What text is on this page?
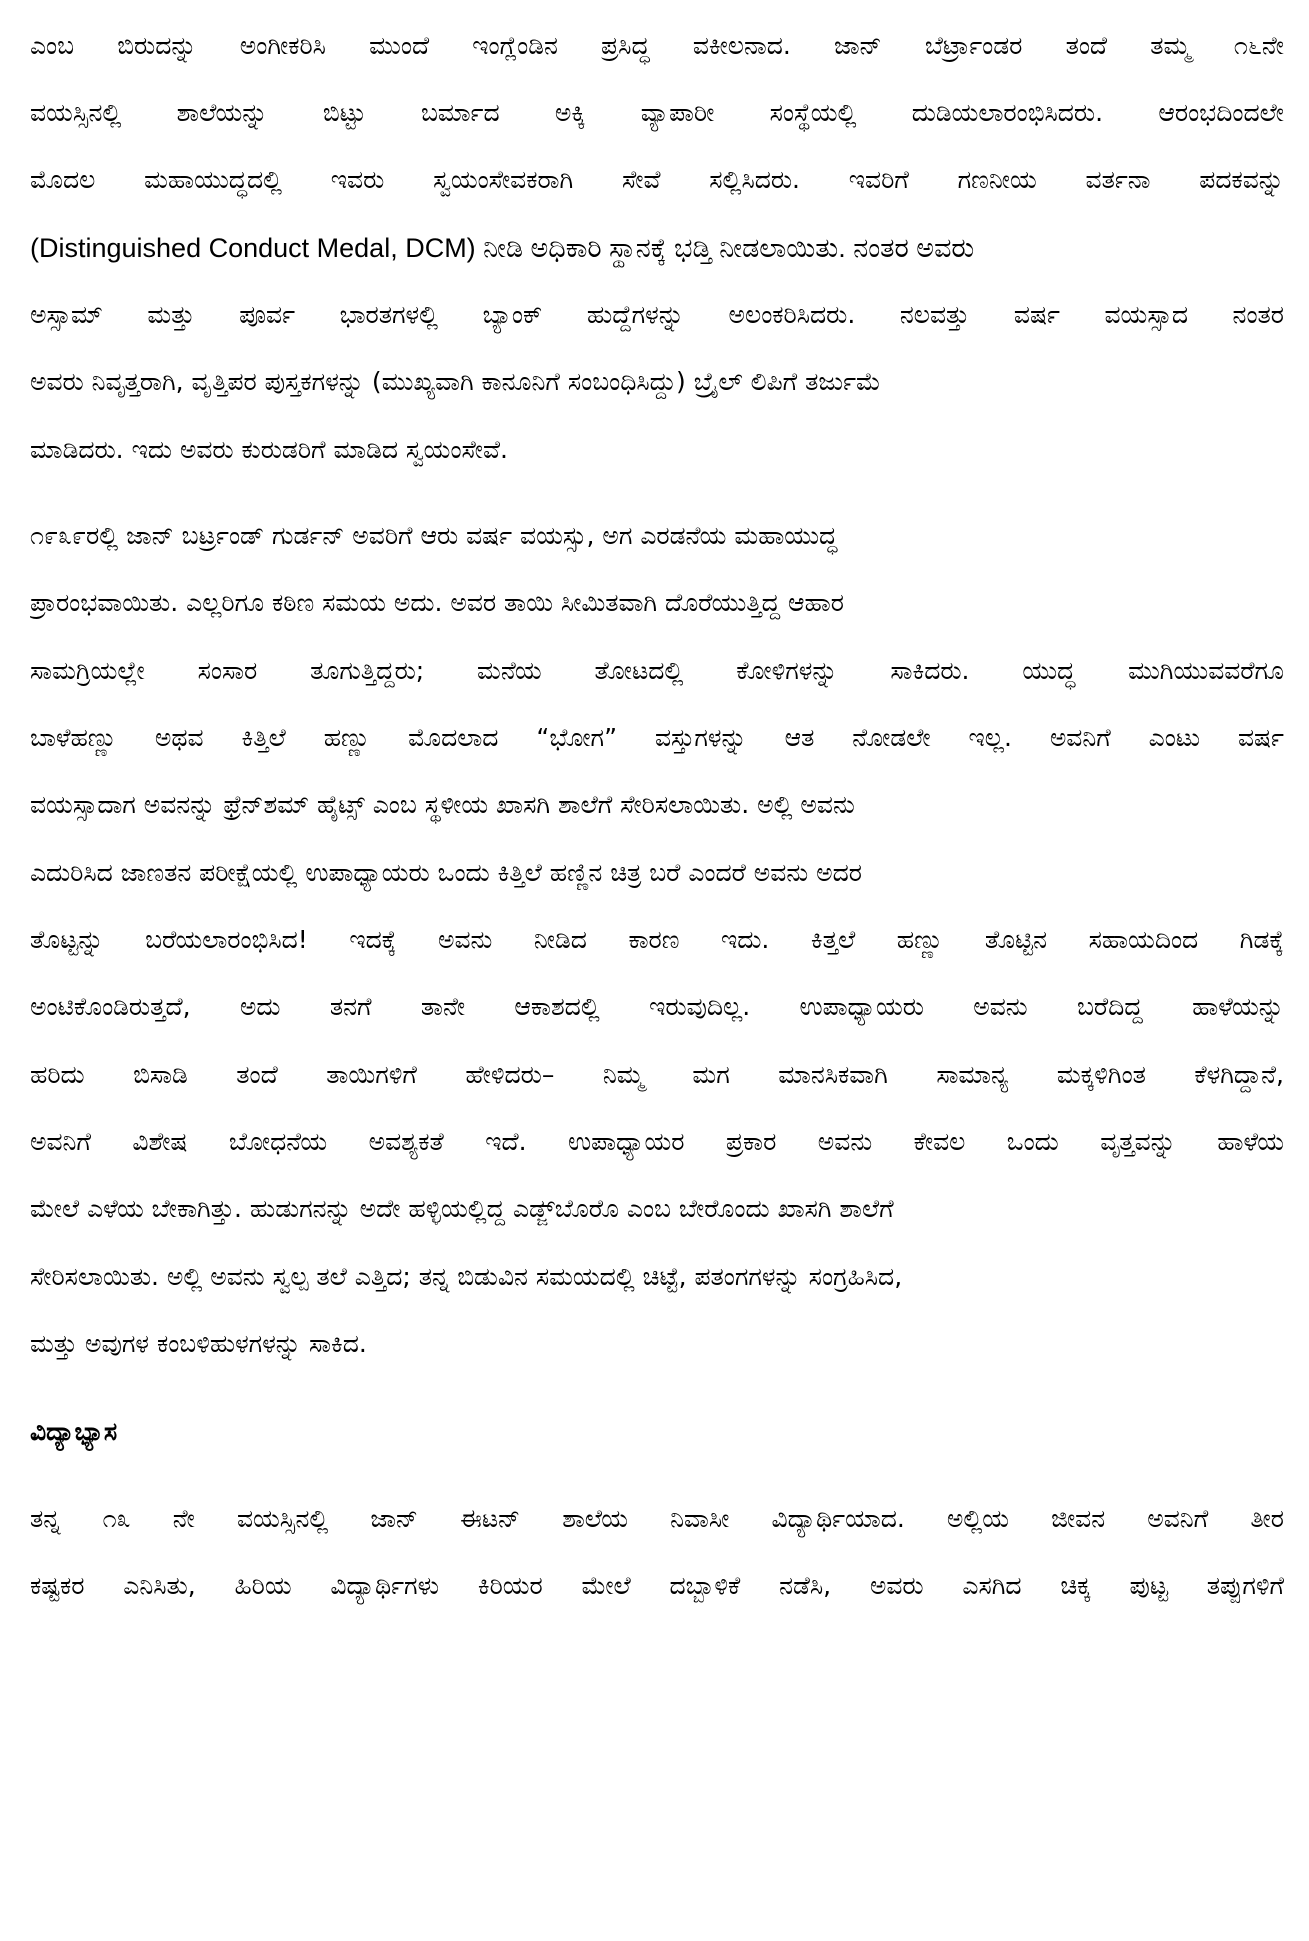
ಎಂಬ ಬಿರುದನ್ನು ಅಂಗೀಕರಿಸಿ ಮುಂದೆ ಇಂಗ್ಲೆಂಡಿನ ಪ್ರಸಿದ್ಧ ವಕೀಲನಾದ. ಜಾನ್ ಬೆರ್ಟ್ರಾಂಡರ ತಂದೆ ತಮ್ಮ ೧೬ನೇ
ವಯಸ್ಸಿನಲ್ಲಿ ಶಾಲೆಯನ್ನು ಬಿಟ್ಟು ಬರ್ಮಾದ ಅಕ್ಕಿ ವ್ಯಾಪಾರೀ ಸಂಸ್ಥೆಯಲ್ಲಿ ದುಡಿಯಲಾರಂಭಿಸಿದರು. ಆರಂಭದಿಂದಲೇ
ಮೊದಲ ಮಹಾಯುದ್ಧದಲ್ಲಿ ಇವರು ಸ್ವಯಂಸೇವಕರಾಗಿ ಸೇವೆ ಸಲ್ಲಿಸಿದರು. ಇವರಿಗೆ ಗಣನೀಯ ವರ್ತನಾ ಪದಕವನ್ನು
(Distinguished Conduct Medal, DCM) ನೀಡಿ ಅಧಿಕಾರಿ ಸ್ಥಾನಕ್ಕೆ ಭಡ್ತಿ ನೀಡಲಾಯಿತು. ನಂತರ ಅವರು
ಅಸ್ಸಾಮ್ ಮತ್ತು ಪೂರ್ವ ಭಾರತಗಳಲ್ಲಿ ಬ್ಯಾಂಕ್ ಹುದ್ದೆಗಳನ್ನು ಅಲಂಕರಿಸಿದರು. ನಲವತ್ತು ವರ್ಷ ವಯಸ್ಸಾದ ನಂತರ
ಅವರು ನಿವೃತ್ತರಾಗಿ, ವೃತ್ತಿಪರ ಪುಸ್ತಕಗಳನ್ನು (ಮುಖ್ಯವಾಗಿ ಕಾನೂನಿಗೆ ಸಂಬಂಧಿಸಿದ್ದು) ಬ್ರೈಲ್ ಲಿಪಿಗೆ ತರ್ಜುಮೆ
ಮಾಡಿದರು. ಇದು ಅವರು ಕುರುಡರಿಗೆ ಮಾಡಿದ ಸ್ವಯಂಸೇವೆ.
೧೯೩೯ರಲ್ಲಿ ಜಾನ್ ಬರ್ಟ್ರಂಡ್ ಗುರ್ಡನ್ ಅವರಿಗೆ ಆರು ವರ್ಷ ವಯಸ್ಸು, ಅಗ ಎರಡನೆಯ ಮಹಾಯುದ್ಧ
ಪ್ರಾರಂಭವಾಯಿತು. ಎಲ್ಲರಿಗೂ ಕಠಿಣ ಸಮಯ ಅದು. ಅವರ ತಾಯಿ ಸೀಮಿತವಾಗಿ ದೊರೆಯುತ್ತಿದ್ದ ಆಹಾರ
ಸಾಮಗ್ರಿಯಲ್ಲೇ ಸಂಸಾರ ತೂಗುತ್ತಿದ್ದರು; ಮನೆಯ ತೋಟದಲ್ಲಿ ಕೋಳಿಗಳನ್ನು ಸಾಕಿದರು. ಯುದ್ಧ ಮುಗಿಯುವವರೆಗೂ
ಬಾಳೆಹಣ್ಣು ಅಥವ ಕಿತ್ತಿಲೆ ಹಣ್ಣು ಮೊದಲಾದ “ಭೋಗ” ವಸ್ತುಗಳನ್ನು ಆತ ನೋಡಲೇ ಇಲ್ಲ. ಅವನಿಗೆ ಎಂಟು ವರ್ಷ
ವಯಸ್ಸಾದಾಗ ಅವನನ್ನು ಫ್ರೆನ್‌ಶಮ್ ಹೈಟ್ಸ್ ಎಂಬ ಸ್ಥಳೀಯ ಖಾಸಗಿ ಶಾಲೆಗೆ ಸೇರಿಸಲಾಯಿತು. ಅಲ್ಲಿ ಅವನು
ಎದುರಿಸಿದ ಜಾಣತನ ಪರೀಕ್ಷೆಯಲ್ಲಿ ಉಪಾಧ್ಯಾಯರು ಒಂದು ಕಿತ್ತಿಲೆ ಹಣ್ಣಿನ ಚಿತ್ರ ಬರೆ ಎಂದರೆ ಅವನು ಅದರ
ತೊಟ್ಟನ್ನು ಬರೆಯಲಾರಂಭಿಸಿದ! ಇದಕ್ಕೆ ಅವನು ನೀಡಿದ ಕಾರಣ ಇದು. ಕಿತ್ತಲೆ ಹಣ್ಣು ತೊಟ್ಟಿನ ಸಹಾಯದಿಂದ ಗಿಡಕ್ಕೆ
ಅಂಟಿಕೊಂಡಿರುತ್ತದೆ, ಅದು ತನಗೆ ತಾನೇ ಆಕಾಶದಲ್ಲಿ ಇರುವುದಿಲ್ಲ. ಉಪಾಧ್ಯಾಯರು ಅವನು ಬರೆದಿದ್ದ ಹಾಳೆಯನ್ನು
ಹರಿದು ಬಿಸಾಡಿ ತಂದೆ ತಾಯಿಗಳಿಗೆ ಹೇಳಿದರು– ನಿಮ್ಮ ಮಗ ಮಾನಸಿಕವಾಗಿ ಸಾಮಾನ್ಯ ಮಕ್ಕಳಿಗಿಂತ ಕೆಳಗಿದ್ದಾನೆ,
ಅವನಿಗೆ ವಿಶೇಷ ಬೋಧನೆಯ ಅವಶ್ಯಕತೆ ಇದೆ. ಉಪಾಧ್ಯಾಯರ ಪ್ರಕಾರ ಅವನು ಕೇವಲ ಒಂದು ವೃತ್ತವನ್ನು ಹಾಳೆಯ
ಮೇಲೆ ಎಳೆಯ ಬೇಕಾಗಿತ್ತು. ಹುಡುಗನನ್ನು ಅದೇ ಹಳ್ಳಿಯಲ್ಲಿದ್ದ ಎಡ್ಜ್‌ಬೊರೊ ಎಂಬ ಬೇರೊಂದು ಖಾಸಗಿ ಶಾಲೆಗೆ
ಸೇರಿಸಲಾಯಿತು. ಅಲ್ಲಿ ಅವನು ಸ್ವಲ್ಪ ತಲೆ ಎತ್ತಿದ; ತನ್ನ ಬಿಡುವಿನ ಸಮಯದಲ್ಲಿ ಚಿಟ್ಟೆ, ಪತಂಗಗಳನ್ನು ಸಂಗ್ರಹಿಸಿದ,
ಮತ್ತು ಅವುಗಳ ಕಂಬಳಿಹುಳಗಳನ್ನು ಸಾಕಿದ.
ವಿದ್ಯಾಭ್ಯಾಸ
ತನ್ನ ೧೩ ನೇ ವಯಸ್ಸಿನಲ್ಲಿ ಜಾನ್ ಈಟನ್ ಶಾಲೆಯ ನಿವಾಸೀ ವಿದ್ಯಾರ್ಥಿಯಾದ. ಅಲ್ಲಿಯ ಜೀವನ ಅವನಿಗೆ ತೀರ
ಕಷ್ಟಕರ ಎನಿಸಿತು, ಹಿರಿಯ ವಿದ್ಯಾರ್ಥಿಗಳು ಕಿರಿಯರ ಮೇಲೆ ದಬ್ಬಾಳಿಕೆ ನಡೆಸಿ, ಅವರು ಎಸಗಿದ ಚಿಕ್ಕ ಪುಟ್ಟ ತಪ್ಪುಗಳಿಗೆ
